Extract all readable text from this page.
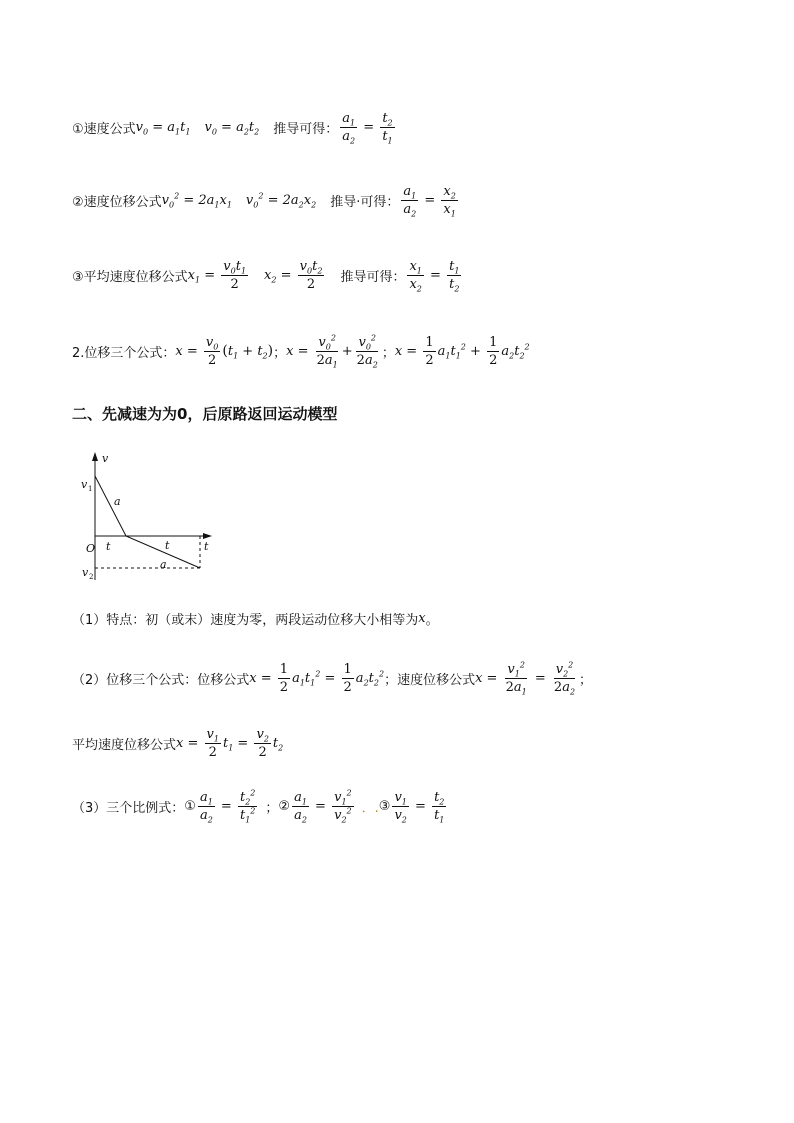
①速度公式 $v_0 = a_1t_1$ $v_0 = a_2t_2$ 推导可得： $\frac{a_1}{a_2} = \frac{t_2}{t_1}$
②速度位移公式 $v_0^2 = 2a_1x_1$ $v_0^2 = 2a_2x_2$ 推导·可得： $\frac{a_1}{a_2} = \frac{x_2}{x_1}$
③平均速度位移公式 $x_1 = \frac{v_0t_1}{2} x_2 = \frac{v_0t_2}{2}$ 推导可得： $\frac{x_1}{x_2} = \frac{t_1}{t_2}$
2.位移三个公式： $x = \frac{v_0}{2} (t_1 + t_2)$ ； $x = \frac{v_0^2}{2a_1} + \frac{v_0^2}{2a_2}$ ； $x = \frac{1}{2} a_1t_1^2 + \frac{1}{2} a_2t_2^2$
二、先减速为为0，后原路返回运动模型
v
t
v 1
v 2
O
a
a
t	t
（1）特点：初（或末）速度为零，两段运动位移大小相等为 x 。
（2）位移三个公式：位移公式 $x = \frac{1}{2} a_1t_1^2 = \frac{1}{2} a_2t_2^2$ ；速度位移公式 $x = \frac{v_1^2}{2a_1} = \frac{v_2^2}{2a_2}$ ；
平均速度位移公式 $x = \frac{v_1}{2} t_1 = \frac{v_2}{2} t_2$
（3）三个比例式： ① $\frac{a_1}{a_2} = \frac{t_2^2}{t_1^2}$ ； ② $\frac{a_1}{a_2} = \frac{v_1^2}{v_2^2}$ ．. ③ $\frac{v_1}{v_2} = \frac{t_2}{t_1}$
